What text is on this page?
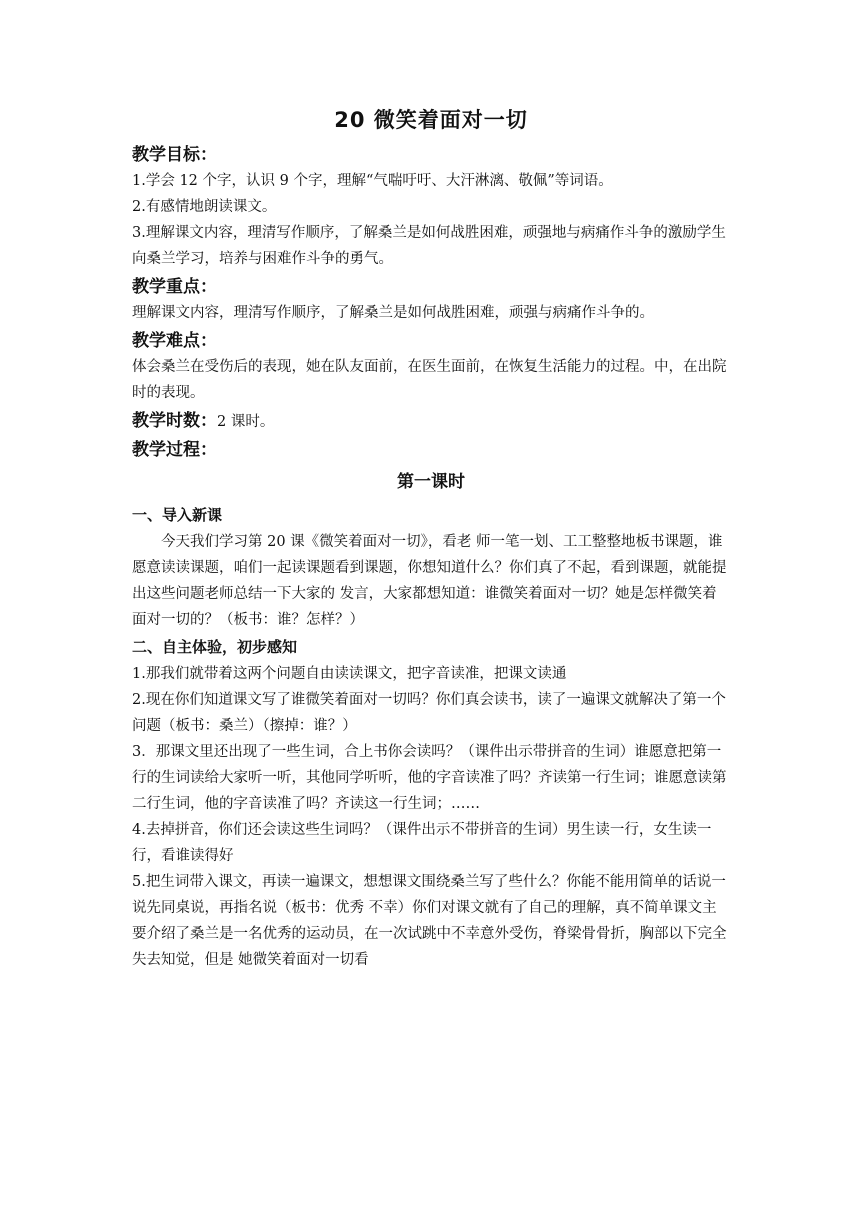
20 微笑着面对一切
教学目标：
1.学会 12 个字，认识 9 个字，理解“气喘吁吁、大汗淋漓、敬佩”等词语。
2.有感情地朗读课文。
3.理解课文内容，理清写作顺序，了解桑兰是如何战胜困难，顽强地与病痛作斗争的激励学生向桑兰学习，培养与困难作斗争的勇气。
教学重点：
理解课文内容，理清写作顺序，了解桑兰是如何战胜困难，顽强与病痛作斗争的。
教学难点：
体会桑兰在受伤后的表现，她在队友面前，在医生面前，在恢复生活能力的过程。中，在出院时的表现。
教学时数：2 课时。
教学过程：
第一课时
一、导入新课
今天我们学习第 20 课《微笑着面对一切》，看老 师一笔一划、工工整整地板书课题，谁愿意读读课题，咱们一起读课题看到课题，你想知道什么？你们真了不起，看到课题，就能提出这些问题老师总结一下大家的 发言，大家都想知道：谁微笑着面对一切？她是怎样微笑着面对一切的？（板书：谁？怎样？）
二、自主体验，初步感知
1.那我们就带着这两个问题自由读读课文，把字音读准，把课文读通
2.现在你们知道课文写了谁微笑着面对一切吗？你们真会读书，读了一遍课文就解决了第一个问题（板书：桑兰）（擦掉：谁？）
3．那课文里还出现了一些生词，合上书你会读吗？（课件出示带拼音的生词）谁愿意把第一行的生词读给大家听一听，其他同学听听，他的字音读准了吗？齐读第一行生词；谁愿意读第二行生词，他的字音读准了吗？齐读这一行生词；……
4.去掉拼音，你们还会读这些生词吗？（课件出示不带拼音的生词）男生读一行，女生读一行，看谁读得好
5.把生词带入课文，再读一遍课文，想想课文围绕桑兰写了些什么？你能不能用简单的话说一说先同桌说，再指名说（板书：优秀 不幸）你们对课文就有了自己的理解，真不简单课文主要介绍了桑兰是一名优秀的运动员，在一次试跳中不幸意外受伤，脊梁骨骨折，胸部以下完全失去知觉，但是 她微笑着面对一切看
